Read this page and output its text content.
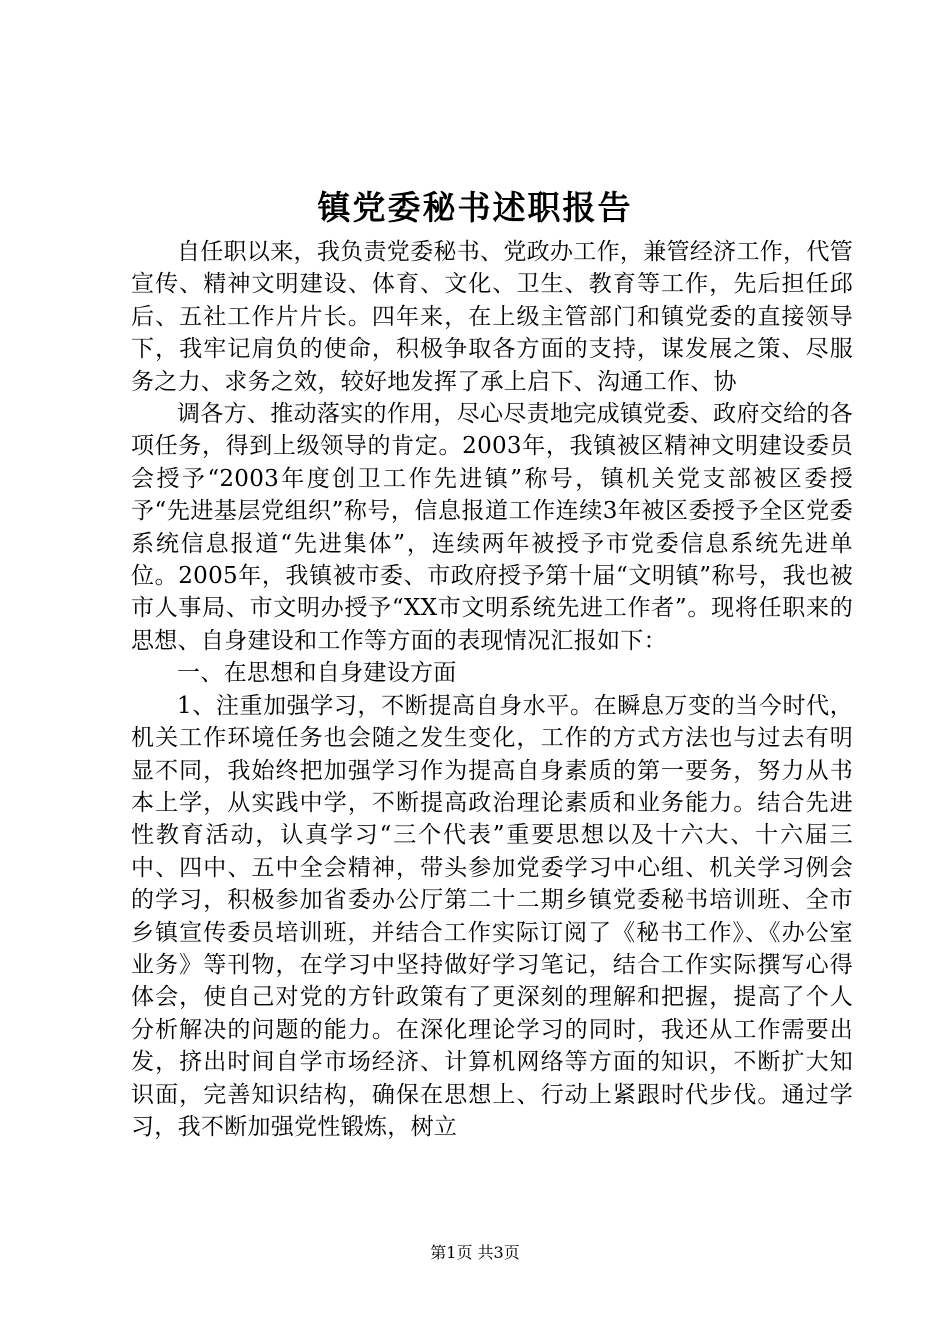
镇党委秘书述职报告

自任职以来，我负责党委秘书、党政办工作，兼管经济工作，代管宣传、精神文明建设、体育、文化、卫生、教育等工作，先后担任邱后、五社工作片片长。四年来，在上级主管部门和镇党委的直接领导下，我牢记肩负的使命，积极争取各方面的支持，谋发展之策、尽服务之力、求务之效，较好地发挥了承上启下、沟通工作、协

调各方、推动落实的作用，尽心尽责地完成镇党委、政府交给的各项任务，得到上级领导的肯定。2003年，我镇被区精神文明建设委员会授予“2003年度创卫工作先进镇”称号，镇机关党支部被区委授予“先进基层党组织”称号，信息报道工作连续3年被区委授予全区党委系统信息报道“先进集体”，连续两年被授予市党委信息系统先进单位。2005年，我镇被市委、市政府授予第十届“文明镇”称号，我也被市人事局、市文明办授予“XX市文明系统先进工作者”。现将任职来的思想、自身建设和工作等方面的表现情况汇报如下：

一、在思想和自身建设方面

1、注重加强学习，不断提高自身水平。在瞬息万变的当今时代，机关工作环境任务也会随之发生变化，工作的方式方法也与过去有明显不同，我始终把加强学习作为提高自身素质的第一要务，努力从书本上学，从实践中学，不断提高政治理论素质和业务能力。结合先进性教育活动，认真学习“三个代表”重要思想以及十六大、十六届三中、四中、五中全会精神，带头参加党委学习中心组、机关学习例会的学习，积极参加省委办公厅第二十二期乡镇党委秘书培训班、全市乡镇宣传委员培训班，并结合工作实际订阅了《秘书工作》、《办公室业务》等刊物，在学习中坚持做好学习笔记，结合工作实际撰写心得体会，使自己对党的方针政策有了更深刻的理解和把握，提高了个人分析解决的问题的能力。在深化理论学习的同时，我还从工作需要出发，挤出时间自学市场经济、计算机网络等方面的知识，不断扩大知识面，完善知识结构，确保在思想上、行动上紧跟时代步伐。通过学习，我不断加强党性锻炼，树立

第1页 共3页
